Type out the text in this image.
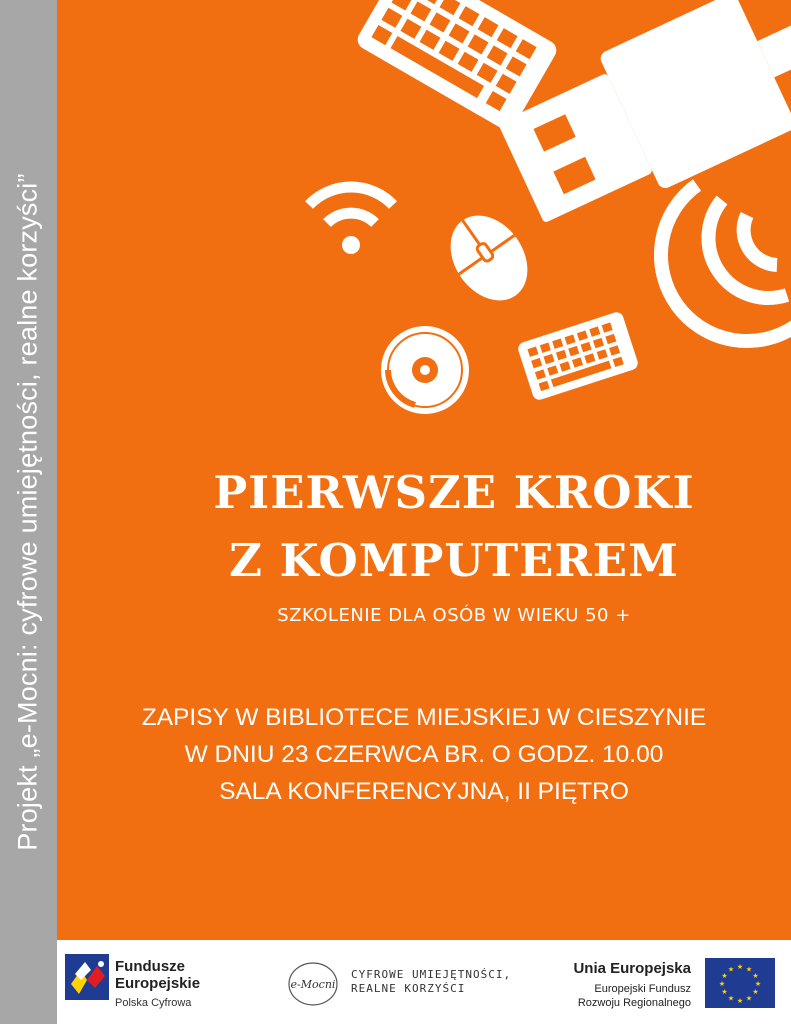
Projekt „e-Mocni: cyfrowe umiejętności, realne korzyści”	PIERWSZE KROKI
Z KOMPUTEREM
SZKOLENIE DLA OSÓB W WIEKU 50 +
ZAPISY W BIBLIOTECE MIEJSKIEJ W CIESZYNIE
W DNIU 23 CZERWCA BR. O GODZ. 10.00
SALA KONFERENCYJNA, II PIĘTRO
Fundusze
Europejskie
Polska Cyfrowa
e-Mocni
CYFROWE UMIEJĘTNOŚCI,
REALNE KORZYŚCI
Unia Europejska
Europejski Fundusz
Rozwoju Regionalnego
★ ★
★
★
★
★
★
★
★
★
★
★
